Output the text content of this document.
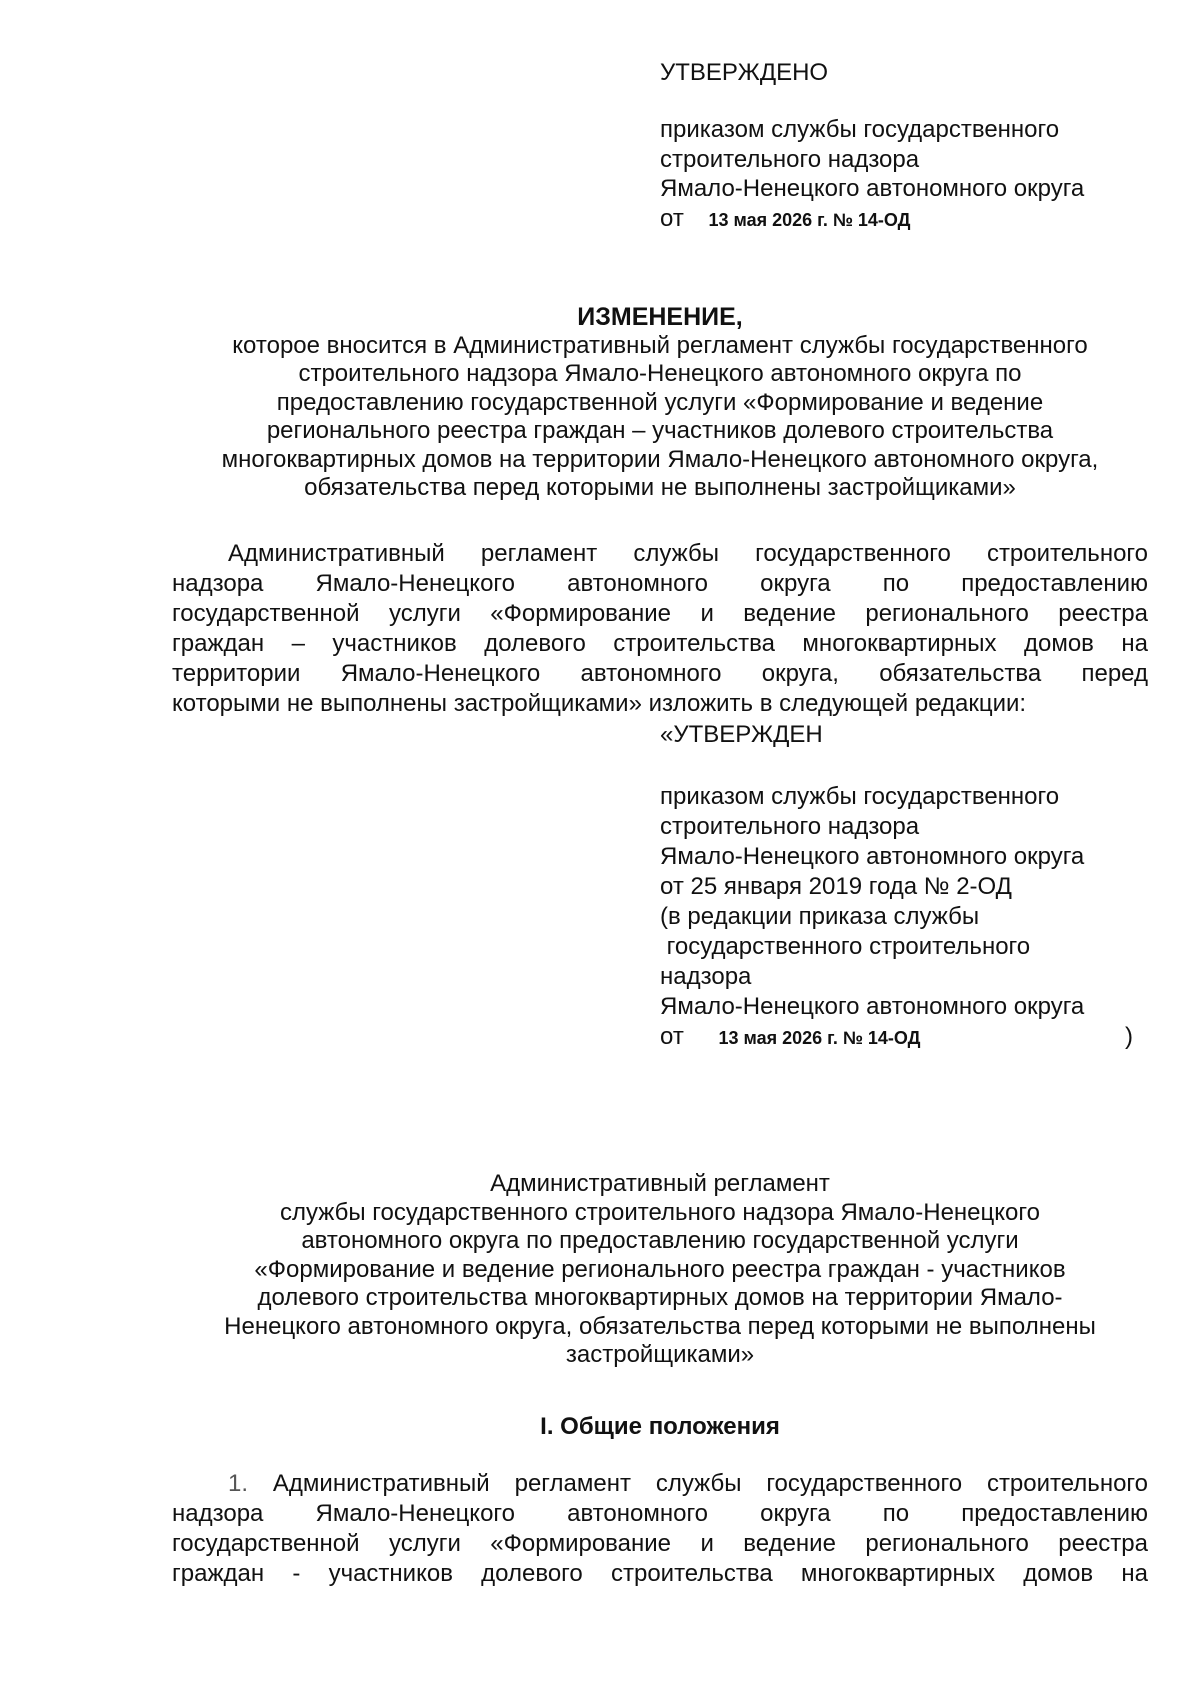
УТВЕРЖДЕНО
приказом службы государственного
строительного надзора
Ямало-Ненецкого автономного округа
от 13 мая 2026 г. № 14-ОД
ИЗМЕНЕНИЕ,
которое вносится в Административный регламент службы государственного
строительного надзора Ямало-Ненецкого автономного округа по
предоставлению государственной услуги «Формирование и ведение
регионального реестра граждан – участников долевого строительства
многоквартирных домов на территории Ямало-Ненецкого автономного округа,
обязательства перед которыми не выполнены застройщиками»
Административный регламент службы государственного строительного
надзора Ямало-Ненецкого автономного округа по предоставлению
государственной услуги «Формирование и ведение регионального реестра
граждан – участников долевого строительства многоквартирных домов на
территории Ямало-Ненецкого автономного округа, обязательства перед
которыми не выполнены застройщиками» изложить в следующей редакции:
«УТВЕРЖДЕН
приказом службы государственного
строительного надзора
Ямало-Ненецкого автономного округа
от 25 января 2019 года № 2-ОД
(в редакции приказа службы
государственного строительного
надзора
Ямало-Ненецкого автономного округа
от 13 мая 2026 г. № 14-ОД	)
Административный регламент
службы государственного строительного надзора Ямало-Ненецкого
автономного округа по предоставлению государственной услуги
«Формирование и ведение регионального реестра граждан - участников
долевого строительства многоквартирных домов на территории Ямало-
Ненецкого автономного округа, обязательства перед которыми не выполнены
застройщиками»
I. Общие положения
1. Административный регламент службы государственного строительного
надзора Ямало-Ненецкого автономного округа по предоставлению
государственной услуги «Формирование и ведение регионального реестра
граждан - участников долевого строительства многоквартирных домов на
